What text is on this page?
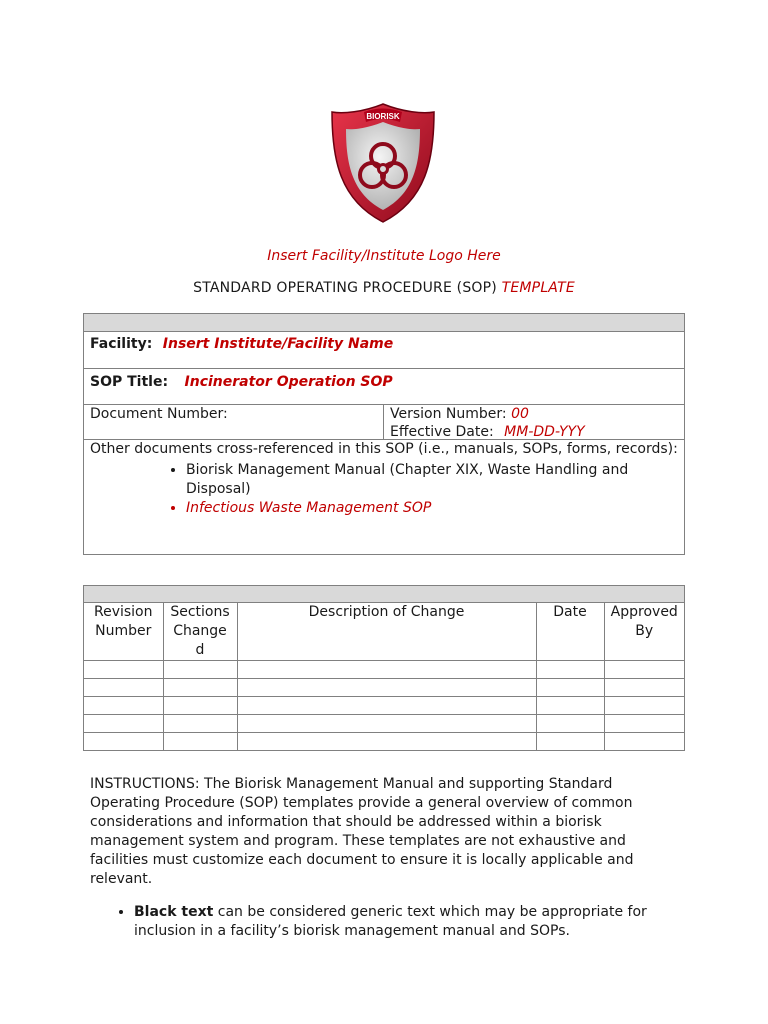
BIORISK
Insert Facility/Institute Logo Here
STANDARD OPERATING PROCEDURE (SOP) TEMPLATE
Facility: Insert Institute/Facility Name
SOP Title: Incinerator Operation SOP
Document Number:	Version Number: 00
Effective Date: MM-DD-YYY
Other documents cross-referenced in this SOP (i.e., manuals, SOPs, forms, records):
• Biorisk Management Manual (Chapter XIX, Waste Handling and Disposal)
• Infectious Waste Management SOP
Revision Number	Sections Changed	Description of Change	Date	Approved By

INSTRUCTIONS: The Biorisk Management Manual and supporting Standard Operating Procedure (SOP) templates provide a general overview of common considerations and information that should be addressed within a biorisk management system and program. These templates are not exhaustive and facilities must customize each document to ensure it is locally applicable and relevant.
• Black text can be considered generic text which may be appropriate for inclusion in a facility’s biorisk management manual and SOPs.
